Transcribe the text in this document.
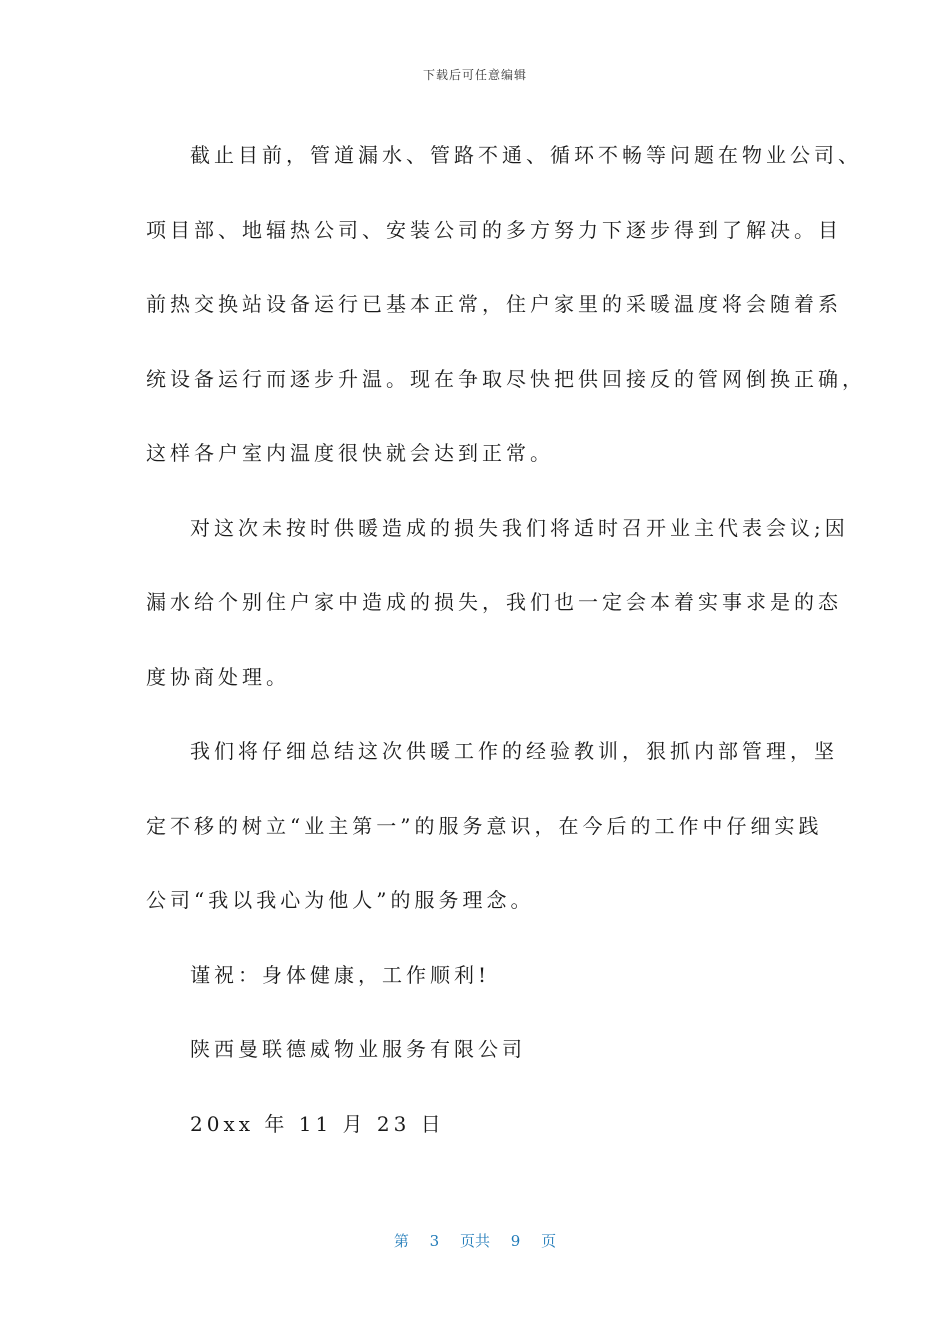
下载后可任意编辑
截止目前，管道漏水、管路不通、循环不畅等问题在物业公司、
项目部、地辐热公司、安装公司的多方努力下逐步得到了解决。目
前热交换站设备运行已基本正常，住户家里的采暖温度将会随着系
统设备运行而逐步升温。现在争取尽快把供回接反的管网倒换正确，
这样各户室内温度很快就会达到正常。
对这次未按时供暖造成的损失我们将适时召开业主代表会议;因
漏水给个别住户家中造成的损失，我们也一定会本着实事求是的态
度协商处理。
我们将仔细总结这次供暖工作的经验教训，狠抓内部管理，坚
定不移的树立“业主第一”的服务意识，在今后的工作中仔细实践
公司“我以我心为他人”的服务理念。
谨祝：身体健康，工作顺利!
陕西曼联德威物业服务有限公司
20xx 年 11 月 23 日
第 3 页共 9 页
